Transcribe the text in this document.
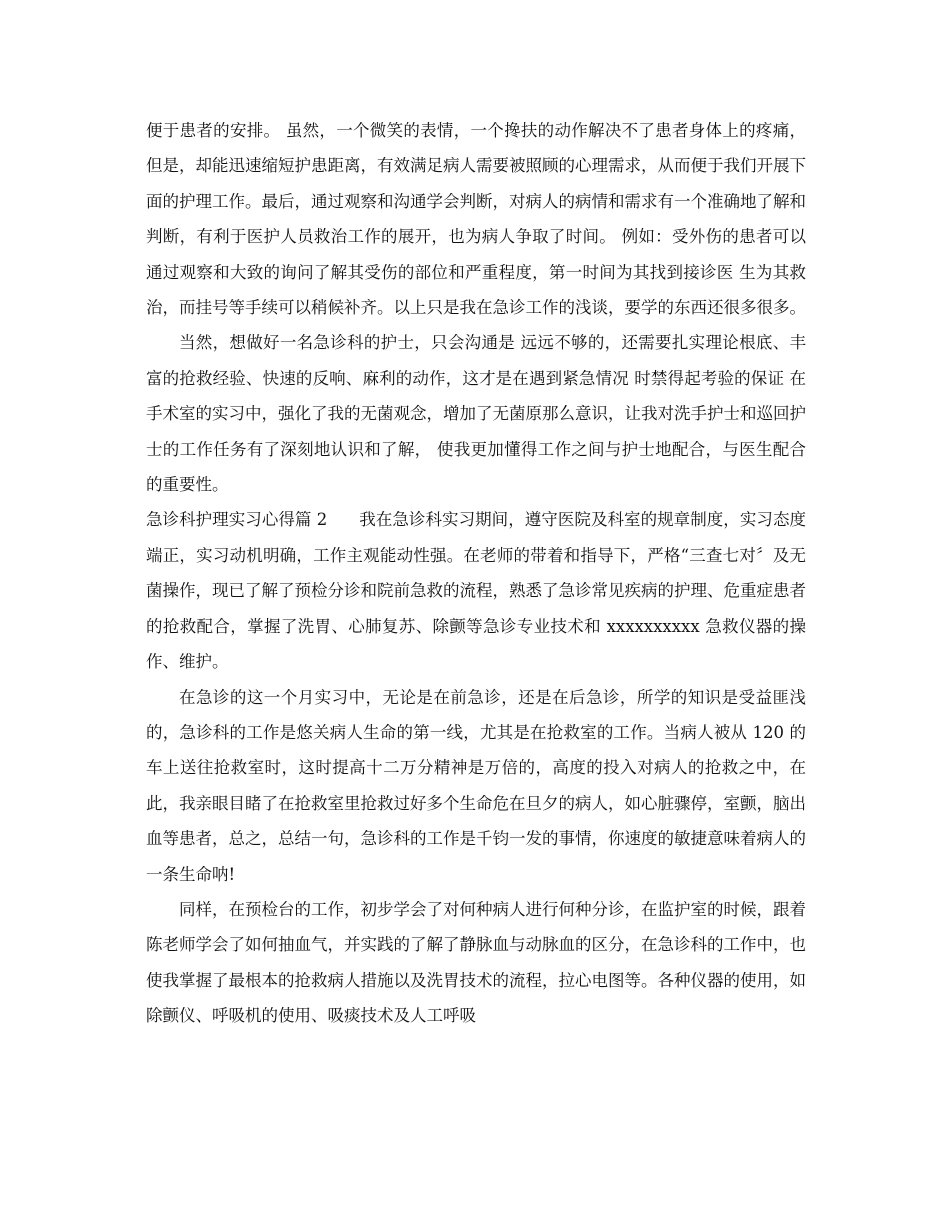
便于患者的安排。 虽然，一个微笑的表情，一个搀扶的动作解决不了患者身体上的疼痛，但是，却能迅速缩短护患距离，有效满足病人需要被照顾的心理需求，从而便于我们开展下面的护理工作。最后，通过观察和沟通学会判断，对病人的病情和需求有一个准确地了解和判断，有利于医护人员救治工作的展开，也为病人争取了时间。 例如：受外伤的患者可以通过观察和大致的询问了解其受伤的部位和严重程度，第一时间为其找到接诊医 生为其救治，而挂号等手续可以稍候补齐。以上只是我在急诊工作的浅谈，要学的东西还很多很多。

当然，想做好一名急诊科的护士，只会沟通是 远远不够的，还需要扎实理论根底、丰富的抢救经验、快速的反响、麻利的动作，这才是在遇到紧急情况 时禁得起考验的保证 在手术室的实习中，强化了我的无菌观念，增加了无菌原那么意识，让我对洗手护士和巡回护士的工作任务有了深刻地认识和了解， 使我更加懂得工作之间与护士地配合，与医生配合的重要性。

急诊科护理实习心得篇 2 我在急诊科实习期间，遵守医院及科室的规章制度，实习态度端正，实习动机明确，工作主观能动性强。在老师的带着和指导下，严格“三查七对〞及无菌操作，现已了解了预检分诊和院前急救的流程，熟悉了急诊常见疾病的护理、危重症患者的抢救配合，掌握了洗胃、心肺复苏、除颤等急诊专业技术和 xxxxxxxxxx 急救仪器的操作、维护。

在急诊的这一个月实习中，无论是在前急诊，还是在后急诊，所学的知识是受益匪浅的，急诊科的工作是悠关病人生命的第一线，尤其是在抢救室的工作。当病人被从 120 的车上送往抢救室时，这时提高十二万分精神是万倍的，高度的投入对病人的抢救之中，在此，我亲眼目睹了在抢救室里抢救过好多个生命危在旦夕的病人，如心脏骤停，室颤，脑出血等患者，总之，总结一句，急诊科的工作是千钧一发的事情，你速度的敏捷意味着病人的一条生命呐!

同样，在预检台的工作，初步学会了对何种病人进行何种分诊，在监护室的时候，跟着陈老师学会了如何抽血气，并实践的了解了静脉血与动脉血的区分，在急诊科的工作中，也使我掌握了最根本的抢救病人措施以及洗胃技术的流程，拉心电图等。各种仪器的使用，如除颤仪、呼吸机的使用、吸痰技术及人工呼吸
